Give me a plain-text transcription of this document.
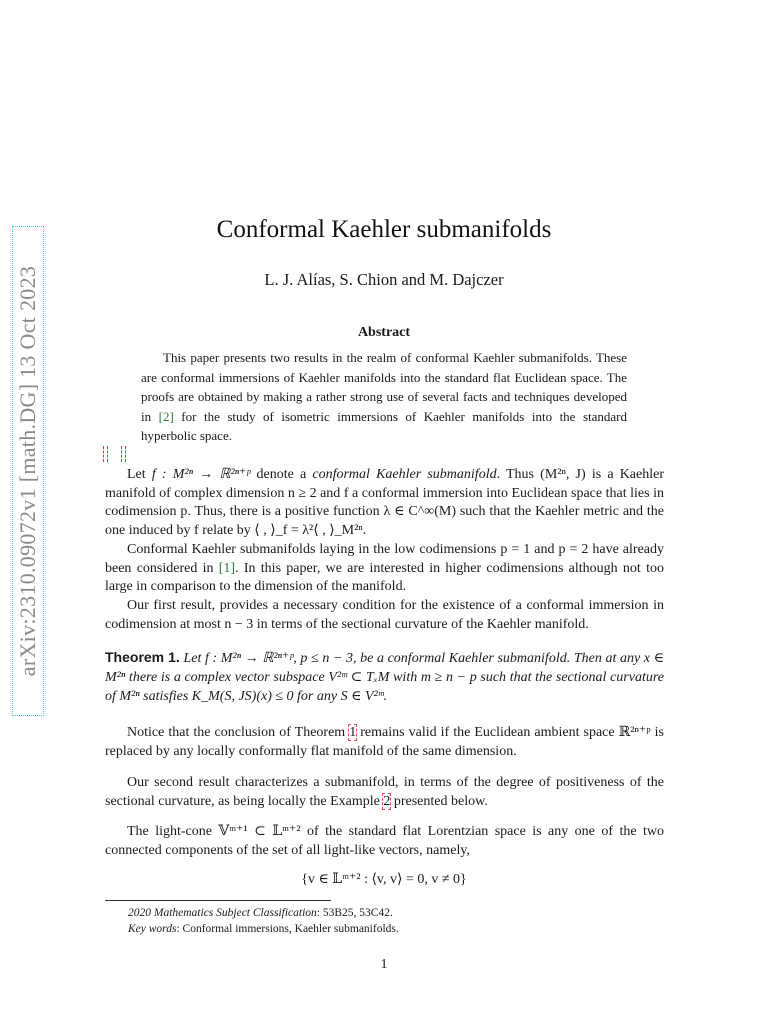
arXiv:2310.09072v1 [math.DG] 13 Oct 2023
Conformal Kaehler submanifolds
L. J. Alías, S. Chion and M. Dajczer
Abstract
This paper presents two results in the realm of conformal Kaehler submanifolds. These are conformal immersions of Kaehler manifolds into the standard flat Euclidean space. The proofs are obtained by making a rather strong use of several facts and techniques developed in [2] for the study of isometric immersions of Kaehler manifolds into the standard hyperbolic space.

Let f : M²ⁿ → ℝ²ⁿ⁺ᵖ denote a conformal Kaehler submanifold. Thus (M²ⁿ, J) is a Kaehler manifold of complex dimension n ≥ 2 and f a conformal immersion into Euclidean space that lies in codimension p. Thus, there is a positive function λ ∈ C^∞(M) such that the Kaehler metric and the one induced by f relate by ⟨ , ⟩_f = λ²⟨ , ⟩_M²ⁿ.

Conformal Kaehler submanifolds laying in the low codimensions p = 1 and p = 2 have already been considered in [1]. In this paper, we are interested in higher codimensions although not too large in comparison to the dimension of the manifold.

Our first result, provides a necessary condition for the existence of a conformal immersion in codimension at most n − 3 in terms of the sectional curvature of the Kaehler manifold.

Theorem 1. Let f : M²ⁿ → ℝ²ⁿ⁺ᵖ, p ≤ n − 3, be a conformal Kaehler submanifold. Then at any x ∈ M²ⁿ there is a complex vector subspace V²ᵐ ⊂ TₓM with m ≥ n − p such that the sectional curvature of M²ⁿ satisfies K_M(S, JS)(x) ≤ 0 for any S ∈ V²ᵐ.

Notice that the conclusion of Theorem 1 remains valid if the Euclidean ambient space ℝ²ⁿ⁺ᵖ is replaced by any locally conformally flat manifold of the same dimension.

Our second result characterizes a submanifold, in terms of the degree of positiveness of the sectional curvature, as being locally the Example 2 presented below.

The light-cone 𝕍ᵐ⁺¹ ⊂ 𝕃ᵐ⁺² of the standard flat Lorentzian space is any one of the two connected components of the set of all light-like vectors, namely,

{v ∈ 𝕃ᵐ⁺² : ⟨v, v⟩ = 0, v ≠ 0}
2020 Mathematics Subject Classification: 53B25, 53C42.
Key words: Conformal immersions, Kaehler submanifolds.
1
